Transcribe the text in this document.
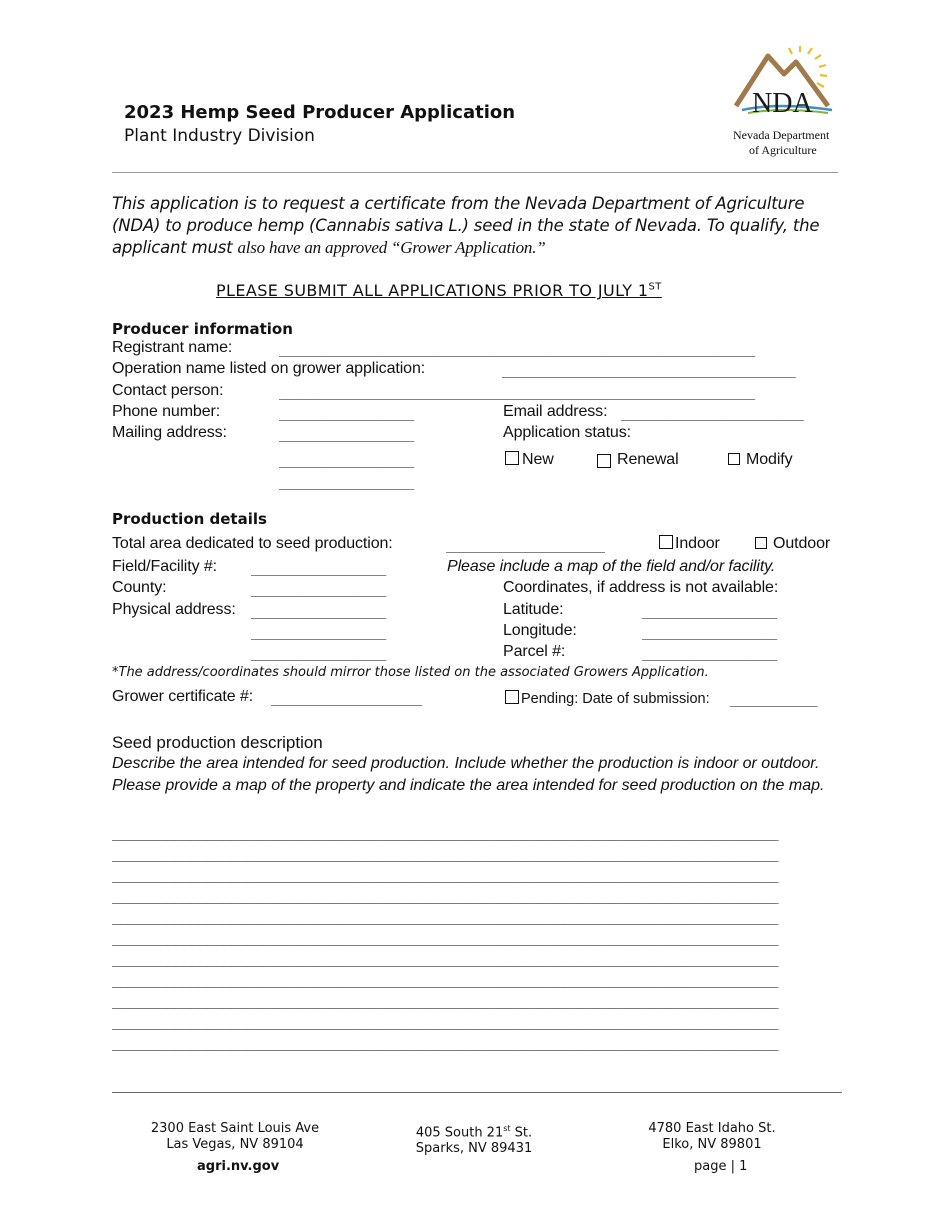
2023 Hemp Seed Producer Application
Plant Industry Division
NDA
Nevada Department
of Agriculture
This application is to request a certificate from the Nevada Department of Agriculture (NDA) to produce hemp (Cannabis sativa L.) seed in the state of Nevada. To qualify, the applicant must also have an approved “Grower Application.”
PLEASE SUBMIT ALL APPLICATIONS PRIOR TO JULY 1ST
Producer information
Registrant name:	____________________________________________________________
Operation name listed on grower application:	_____________________________________
Contact person:	____________________________________________________________
Phone number:	_________________	Email address: _______________________
Mailing address:	_________________	Application status:
_________________	New	Renewal	Modify
_________________
Production details
Total area dedicated to seed production:	____________________	Indoor	Outdoor
Field/Facility #: _________________	Please include a map of the field and/or facility.
County:	_________________	Coordinates, if address is not available:
Physical address: _________________	Latitude:	_________________
_________________	Longitude:	_________________
_________________	Parcel #:	_________________
*The address/coordinates should mirror those listed on the associated Growers Application.
Grower certificate #: ___________________	Pending: Date of submission: ___________
Seed production description
Describe the area intended for seed production. Include whether the production is indoor or outdoor. Please provide a map of the property and indicate the area intended for seed production on the map.
____________________________________________________________________________________
____________________________________________________________________________________
____________________________________________________________________________________
____________________________________________________________________________________
____________________________________________________________________________________
____________________________________________________________________________________
____________________________________________________________________________________
____________________________________________________________________________________
____________________________________________________________________________________
____________________________________________________________________________________
____________________________________________________________________________________
2300 East Saint Louis Ave
Las Vegas, NV 89104
405 South 21st St.
Sparks, NV 89431
4780 East Idaho St.
Elko, NV 89801
agri.nv.gov	page | 1
